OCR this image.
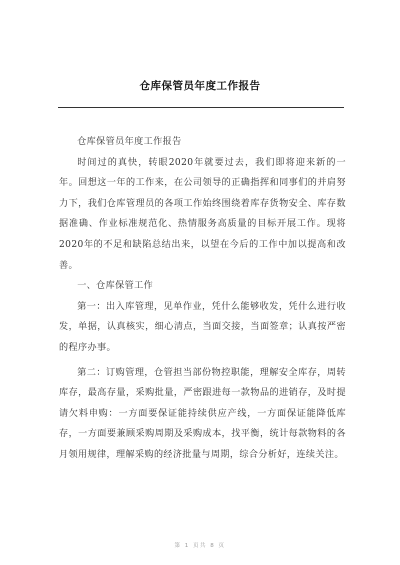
仓库保管员年度工作报告

仓库保管员年度工作报告

时间过的真快，转眼2020年就要过去，我们即将迎来新的一年。回想这一年的工作来，在公司领导的正确指挥和同事们的并肩努力下，我们仓库管理员的各项工作始终围绕着库存货物安全、库存数据准确、作业标准规范化、热情服务高质量的目标开展工作。现将2020年的不足和缺陷总结出来，以望在今后的工作中加以提高和改善。

一、仓库保管工作

第一：出入库管理，见单作业，凭什么能够收发，凭什么进行收发，单据，认真核实，细心清点，当面交接，当面签章；认真按严密的程序办事。

第二：订购管理，仓管担当部份物控职能，理解安全库存，周转库存，最高存量，采购批量，严密跟进每一款物品的进销存，及时提请欠料申购：一方面要保证能持续供应产线，一方面保证能降低库存，一方面要兼顾采购周期及采购成本，找平衡，统计每款物料的各月领用规律，理解采购的经济批量与周期，综合分析好，连续关注。

第 1 页共 8 页
